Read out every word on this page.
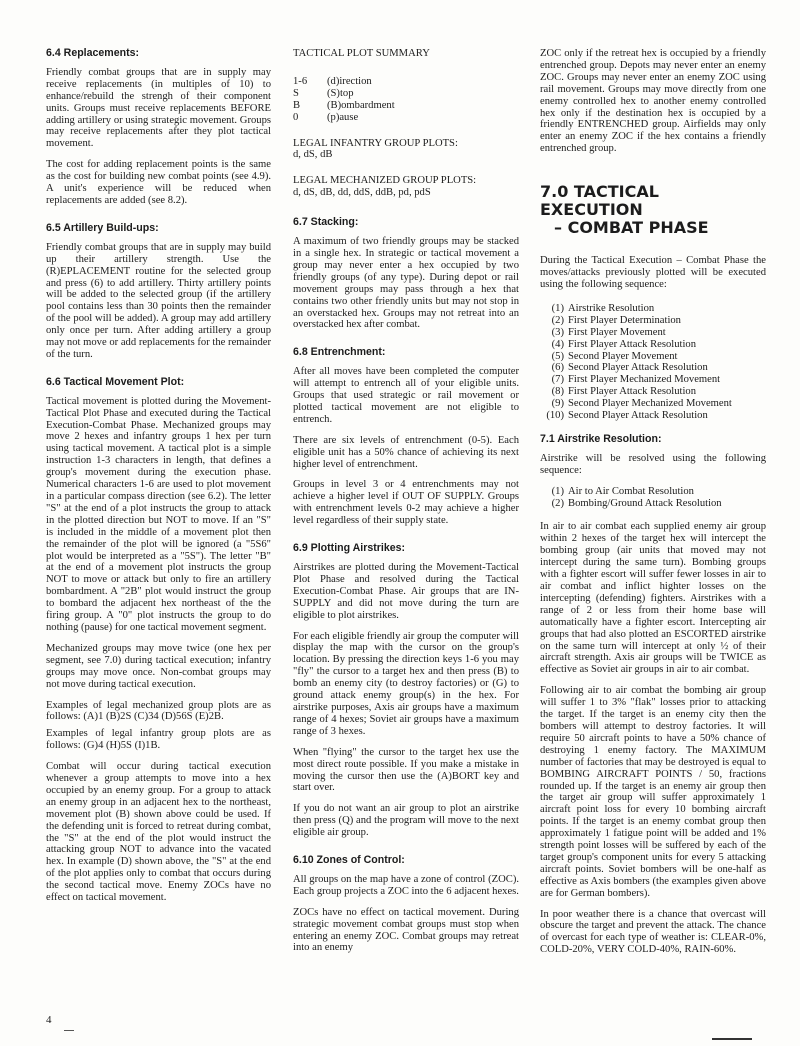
6.4 Replacements:

Friendly combat groups that are in supply may receive replacements (in multiples of 10) to enhance/rebuild the strengh of their component units. Groups must receive replacements BEFORE adding artillery or using strategic movement. Groups may receive replacements after they plot tactical movement.

The cost for adding replacement points is the same as the cost for building new combat points (see 4.9). A unit's experience will be reduced when replacements are added (see 8.2).

6.5 Artillery Build-ups:

Friendly combat groups that are in supply may build up their artillery strength. Use the (R)EPLACEMENT routine for the selected group and press (6) to add artillery. Thirty artillery points will be added to the selected group (if the artillery pool contains less than 30 points then the remainder of the pool will be added). A group may add artillery only once per turn. After adding artillery a group may not move or add replacements for the remainder of the turn.

6.6 Tactical Movement Plot:

Tactical movement is plotted during the Movement-Tactical Plot Phase and executed during the Tactical Execution-Combat Phase. Mechanized groups may move 2 hexes and infantry groups 1 hex per turn using tactical movement. A tactical plot is a simple instruction 1-3 characters in length, that defines a group's movement during the execution phase. Numerical characters 1-6 are used to plot movement in a particular compass direction (see 6.2). The letter "S" at the end of a plot instructs the group to attack in the plotted direction but NOT to move. If an "S" is included in the middle of a movement plot then the remainder of the plot will be ignored (a "5S6" plot would be interpreted as a "5S"). The letter "B" at the end of a movement plot instructs the group NOT to move or attack but only to fire an artillery bombardment. A "2B" plot would instruct the group to bombard the adjacent hex northeast of the the firing group. A "0" plot instructs the group to do nothing (pause) for one tactical movement segment.

Mechanized groups may move twice (one hex per segment, see 7.0) during tactical execution; infantry groups may move once. Non-combat groups may not move during tactical execution.

Examples of legal mechanized group plots are as follows: (A)1 (B)2S (C)34 (D)56S (E)2B.

Examples of legal infantry group plots are as follows: (G)4 (H)5S (I)1B.

Combat will occur during tactical execution whenever a group attempts to move into a hex occupied by an enemy group. For a group to attack an enemy group in an adjacent hex to the northeast, movement plot (B) shown above could be used. If the defending unit is forced to retreat during combat, the "S" at the end of the plot would instruct the attacking group NOT to advance into the vacated hex. In example (D) shown above, the "S" at the end of the plot applies only to combat that occurs during the second tactical move. Enemy ZOCs have no effect on tactical movement.

TACTICAL PLOT SUMMARY
1-6	(d)irection
S	(S)top
B	(B)ombardment
0	(p)ause
LEGAL INFANTRY GROUP PLOTS:
d, dS, dB
LEGAL MECHANIZED GROUP PLOTS:
d, dS, dB, dd, ddS, ddB, pd, pdS
6.7 Stacking:

A maximum of two friendly groups may be stacked in a single hex. In strategic or tactical movement a group may never enter a hex occupied by two friendly groups (of any type). During depot or rail movement groups may pass through a hex that contains two other friendly units but may not stop in an overstacked hex. Groups may not retreat into an overstacked hex after combat.

6.8 Entrenchment:

After all moves have been completed the computer will attempt to entrench all of your eligible units. Groups that used strategic or rail movement or plotted tactical movement are not eligible to entrench.

There are six levels of entrenchment (0-5). Each eligible unit has a 50% chance of achieving its next higher level of entrenchment.

Groups in level 3 or 4 entrenchments may not achieve a higher level if OUT OF SUPPLY. Groups with entrenchment levels 0-2 may achieve a higher level regardless of their supply state.

6.9 Plotting Airstrikes:

Airstrikes are plotted during the Movement-Tactical Plot Phase and resolved during the Tactical Execution-Combat Phase. Air groups that are IN-SUPPLY and did not move during the turn are eligible to plot airstrikes.

For each eligible friendly air group the computer will display the map with the cursor on the group's location. By pressing the direction keys 1-6 you may "fly" the cursor to a target hex and then press (B) to bomb an enemy city (to destroy factories) or (G) to ground attack enemy group(s) in the hex. For airstrike purposes, Axis air groups have a maximum range of 4 hexes; Soviet air groups have a maximum range of 3 hexes.

When "flying" the cursor to the target hex use the most direct route possible. If you make a mistake in moving the cursor then use the (A)BORT key and start over.

If you do not want an air group to plot an airstrike then press (Q) and the program will move to the next eligible air group.

6.10 Zones of Control:

All groups on the map have a zone of control (ZOC). Each group projects a ZOC into the 6 adjacent hexes.

ZOCs have no effect on tactical movement. During strategic movement combat groups must stop when entering an enemy ZOC. Combat groups may retreat into an enemy

ZOC only if the retreat hex is occupied by a friendly entrenched group. Depots may never enter an enemy ZOC. Groups may never enter an enemy ZOC using rail movement. Groups may move directly from one enemy controlled hex to another enemy controlled hex only if the destination hex is occupied by a friendly ENTRENCHED group. Airfields may only enter an enemy ZOC if the hex contains a friendly entrenched group.

7.0 TACTICAL EXECUTION
– COMBAT PHASE

During the Tactical Execution – Combat Phase the moves/attacks previously plotted will be executed using the following sequence:

(1) Airstrike Resolution
(2) First Player Determination
(3) First Player Movement
(4) First Player Attack Resolution
(5) Second Player Movement
(6) Second Player Attack Resolution
(7) First Player Mechanized Movement
(8) First Player Attack Resolution
(9) Second Player Mechanized Movement
(10) Second Player Attack Resolution
7.1 Airstrike Resolution:

Airstrike will be resolved using the following sequence:

(1) Air to Air Combat Resolution
(2) Bombing/Ground Attack Resolution

In air to air combat each supplied enemy air group within 2 hexes of the target hex will intercept the bombing group (air units that moved may not intercept during the same turn). Bombing groups with a fighter escort will suffer fewer losses in air to air combat and inflict highter losses on the intercepting (defending) fighters. Airstrikes with a range of 2 or less from their home base will automatically have a fighter escort. Intercepting air groups that had also plotted an ESCORTED airstrike on the same turn will intercept at only ½ of their aircraft strength. Axis air groups will be TWICE as effective as Soviet air groups in air to air combat.

Following air to air combat the bombing air group will suffer 1 to 3% "flak" losses prior to attacking the target. If the target is an enemy city then the bombers will attempt to destroy factories. It will require 50 aircraft points to have a 50% chance of destroying 1 enemy factory. The MAXIMUM number of factories that may be destroyed is equal to BOMBING AIRCRAFT POINTS / 50, fractions rounded up. If the target is an enemy air group then the target air group will suffer approximately 1 aircraft point loss for every 10 bombing aircraft points. If the target is an enemy combat group then approximately 1 fatigue point will be added and 1% strength point losses will be suffered by each of the target group's component units for every 5 attacking aircraft points. Soviet bombers will be one-half as effective as Axis bombers (the examples given above are for German bombers).

In poor weather there is a chance that overcast will obscure the target and prevent the attack. The chance of overcast for each type of weather is: CLEAR-0%, COLD-20%, VERY COLD-40%, RAIN-60%.

4
